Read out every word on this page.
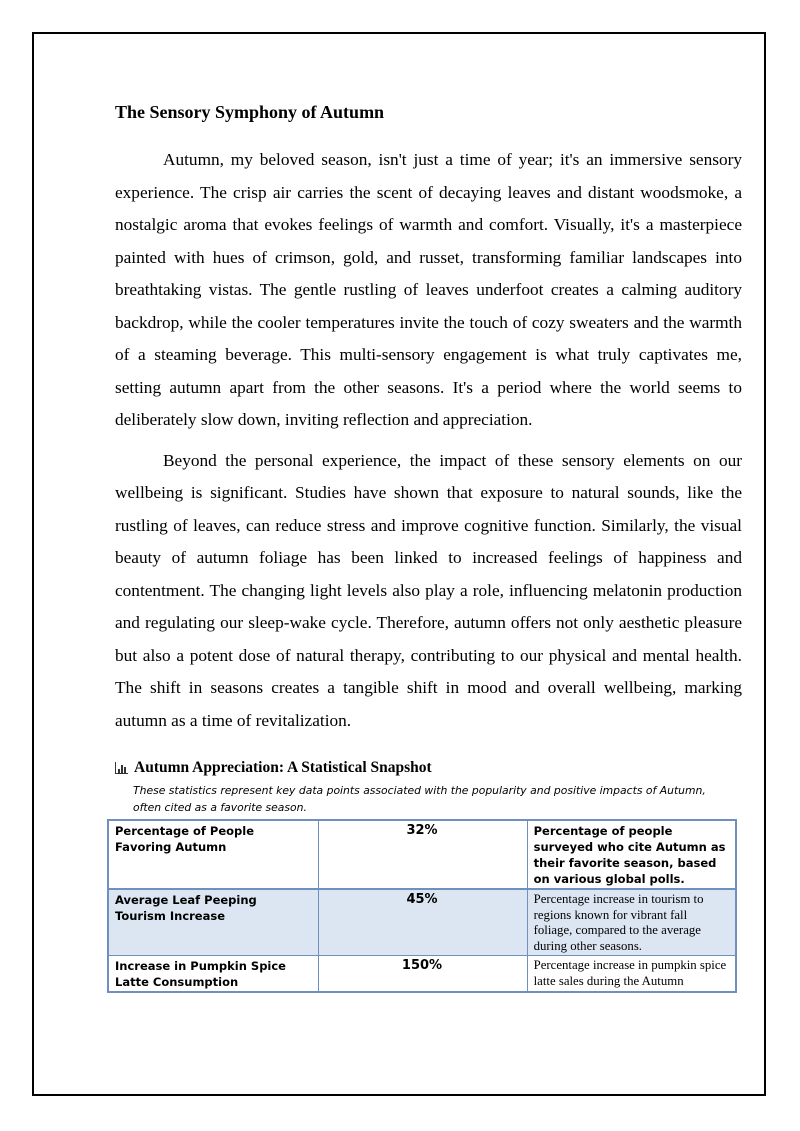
The Sensory Symphony of Autumn

Autumn, my beloved season, isn't just a time of year; it's an immersive sensory experience. The crisp air carries the scent of decaying leaves and distant woodsmoke, a nostalgic aroma that evokes feelings of warmth and comfort. Visually, it's a masterpiece painted with hues of crimson, gold, and russet, transforming familiar landscapes into breathtaking vistas. The gentle rustling of leaves underfoot creates a calming auditory backdrop, while the cooler temperatures invite the touch of cozy sweaters and the warmth of a steaming beverage. This multi-sensory engagement is what truly captivates me, setting autumn apart from the other seasons. It's a period where the world seems to deliberately slow down, inviting reflection and appreciation.

Beyond the personal experience, the impact of these sensory elements on our wellbeing is significant. Studies have shown that exposure to natural sounds, like the rustling of leaves, can reduce stress and improve cognitive function. Similarly, the visual beauty of autumn foliage has been linked to increased feelings of happiness and contentment. The changing light levels also play a role, influencing melatonin production and regulating our sleep-wake cycle. Therefore, autumn offers not only aesthetic pleasure but also a potent dose of natural therapy, contributing to our physical and mental health. The shift in seasons creates a tangible shift in mood and overall wellbeing, marking autumn as a time of revitalization.

Autumn Appreciation: A Statistical Snapshot
These statistics represent key data points associated with the popularity and positive impacts of Autumn, often cited as a favorite season.
Percentage of People Favoring Autumn	32%	Percentage of people surveyed who cite Autumn as their favorite season, based on various global polls.
Average Leaf Peeping Tourism Increase	45%	Percentage increase in tourism to regions known for vibrant fall foliage, compared to the average during other seasons.
Increase in Pumpkin Spice Latte Consumption	150%	Percentage increase in pumpkin spice latte sales during the Autumn
